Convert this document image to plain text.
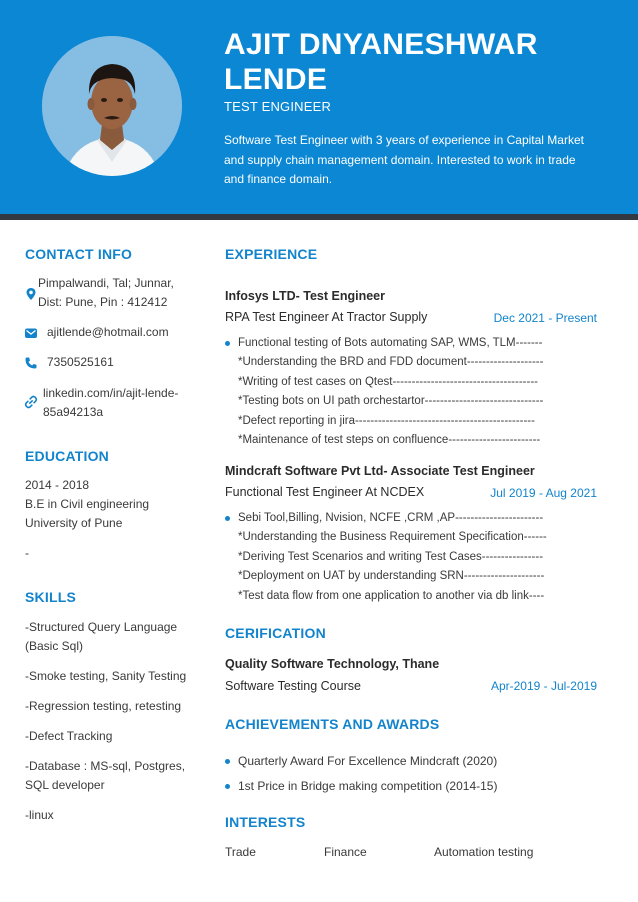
AJIT DNYANESHWAR LENDE
TEST ENGINEER
Software Test Engineer with 3 years of experience in Capital Market and supply chain management domain. Interested to work in trade and finance domain.
CONTACT INFO
Pimpalwandi, Tal; Junnar,
Dist: Pune, Pin : 412412
ajitlende@hotmail.com
7350525161
linkedin.com/in/ajit-lende-
85a94213a
EDUCATION
2014 - 2018
B.E in Civil engineering
University of Pune
-
SKILLS
-Structured Query Language
(Basic Sql)
-Smoke testing, Sanity Testing
-Regression testing, retesting
-Defect Tracking
-Database : MS-sql, Postgres,
SQL developer
-linux
EXPERIENCE
Infosys LTD- Test Engineer
RPA Test Engineer At Tractor Supply	Dec 2021 - Present
Functional testing of Bots automating SAP, WMS, TLM-------
*Understanding the BRD and FDD document--------------------
*Writing of test cases on Qtest--------------------------------------
*Testing bots on UI path orchestartor-------------------------------
*Defect reporting in jira-----------------------------------------------
*Maintenance of test steps on confluence------------------------
Mindcraft Software Pvt Ltd- Associate Test Engineer
Functional Test Engineer At NCDEX	Jul 2019 - Aug 2021
Sebi Tool,Billing, Nvision, NCFE ,CRM ,AP-----------------------
*Understanding the Business Requirement Specification------
*Deriving Test Scenarios and writing Test Cases----------------
*Deployment on UAT by understanding SRN---------------------
*Test data flow from one application to another via db link----
CERIFICATION
Quality Software Technology, Thane
Software Testing Course	Apr-2019 - Jul-2019
ACHIEVEMENTS AND AWARDS
Quarterly Award For Excellence Mindcraft (2020)
1st Price in Bridge making competition (2014-15)
INTERESTS
Trade	Finance	Automation testing
